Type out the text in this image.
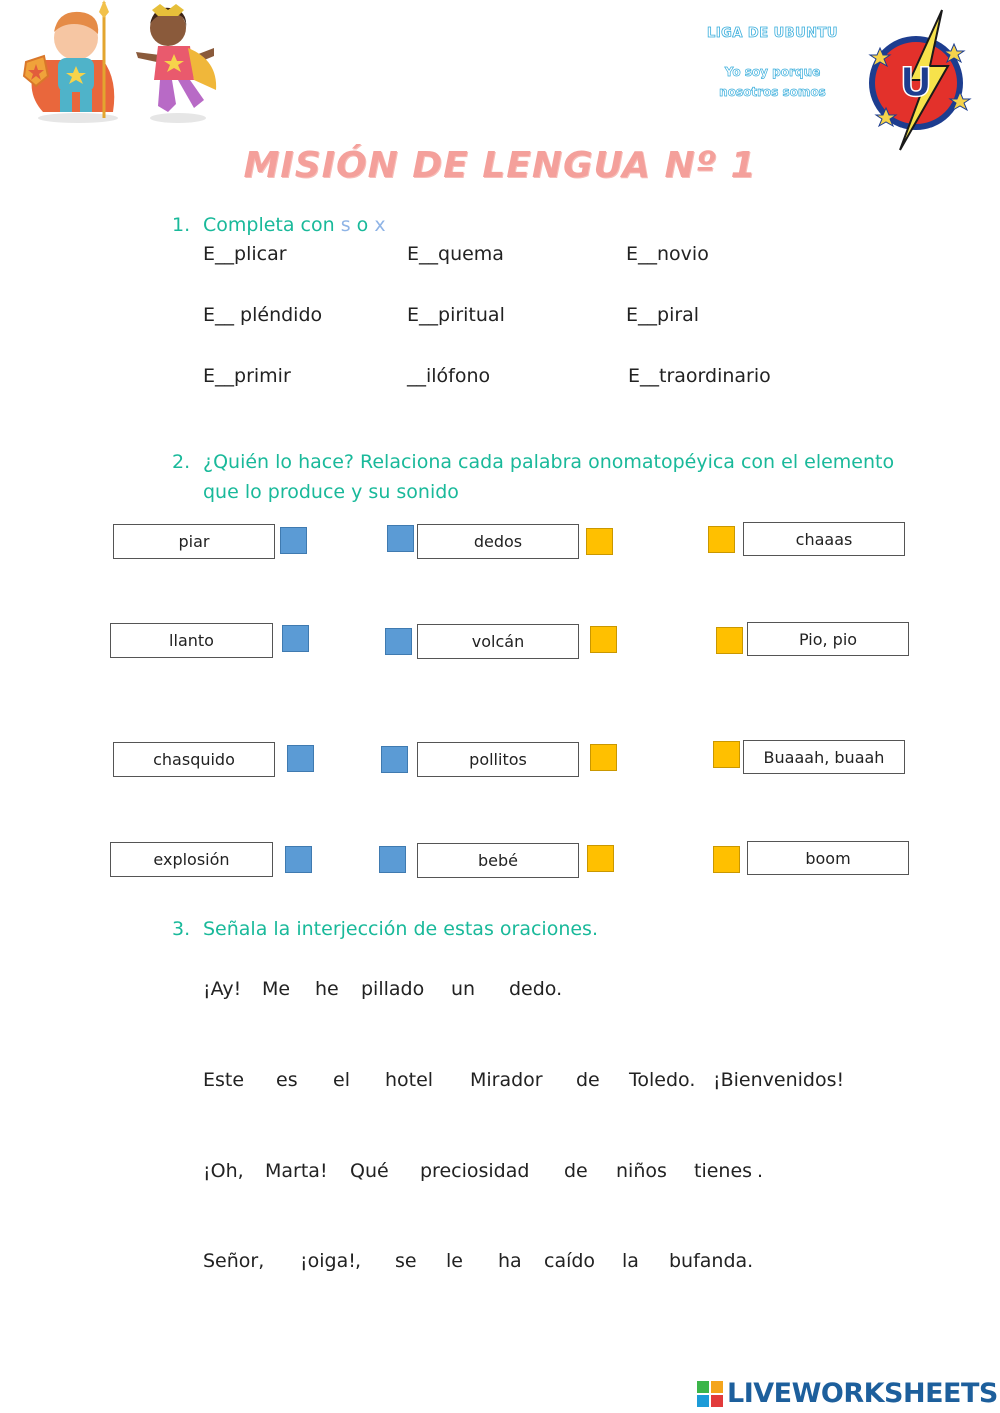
LIGA DE UBUNTU
Yo soy porque
nosotros somos	U
MISIÓN DE LENGUA Nº 1
1. Completa con s o x
E__plicar	E__quema	E__novio
E__ pléndido	E__piritual	E__piral
E__primir	__ilófono	E__traordinario
2. ¿Quién lo hace? Relaciona cada palabra onomatopéyica con el elemento
que lo produce y su sonido
piar	dedos	chaaas
llanto	volcán	Pio, pio
chasquido	pollitos	Buaaah, buaah
explosión	bebé	boom
3. Señala la interjección de estas oraciones.
¡Ay! Me he pillado un dedo.
Este es el hotel Mirador de Toledo. ¡Bienvenidos!
¡Oh, Marta! Qué preciosidad de niños tienes .
Señor, ¡oiga! , se le ha caído la bufanda.
LIVEWORKSHEETS
